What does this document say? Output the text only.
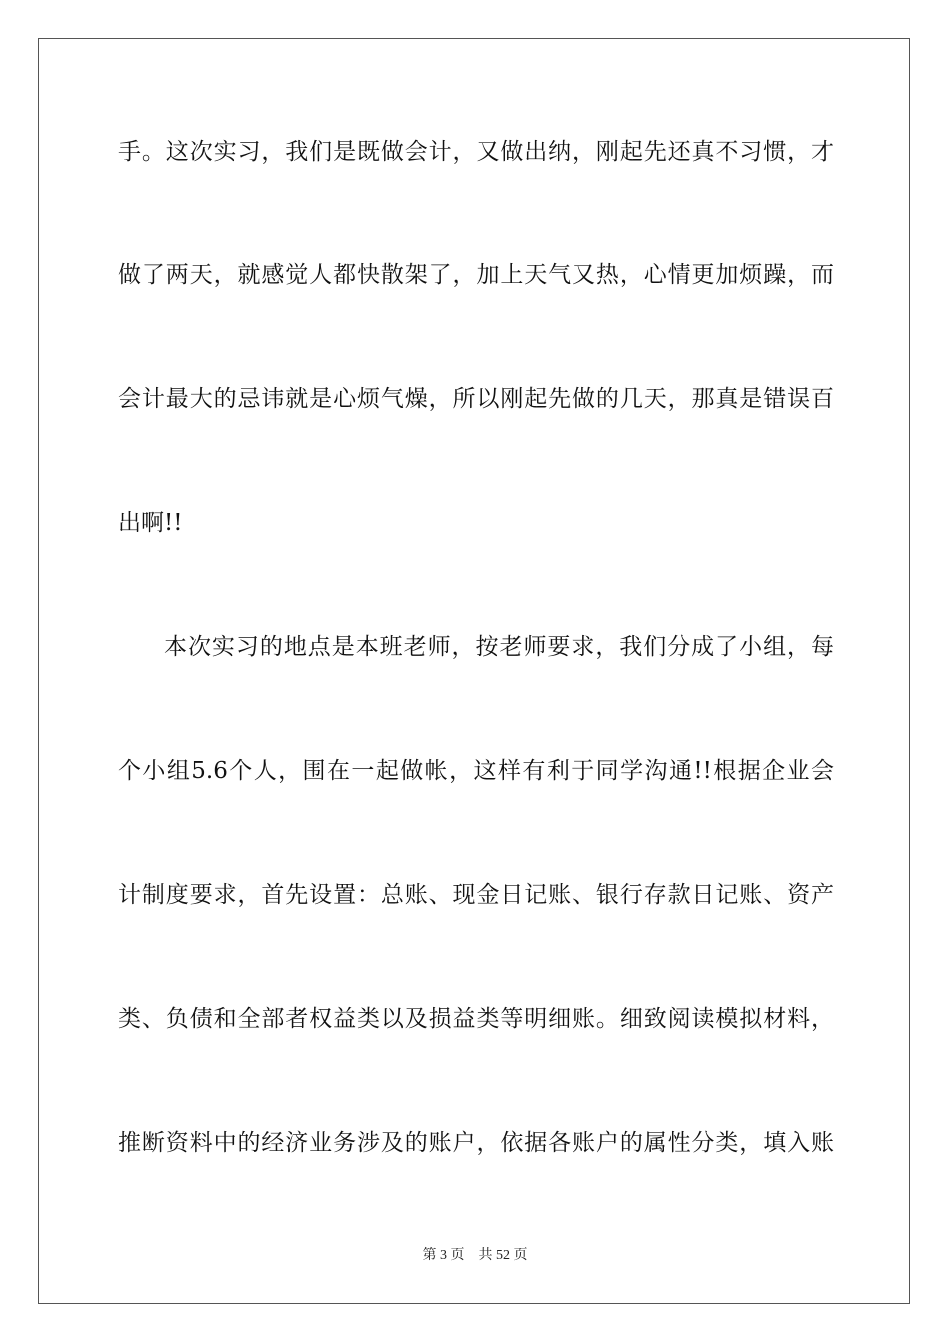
手。这次实习，我们是既做会计，又做出纳，刚起先还真不习惯，才
做了两天，就感觉人都快散架了，加上天气又热，心情更加烦躁，而
会计最大的忌讳就是心烦气燥，所以刚起先做的几天，那真是错误百
出啊!!
本次实习的地点是本班老师，按老师要求，我们分成了小组，每
个小组5.6个人，围在一起做帐，这样有利于同学沟通!!根据企业会
计制度要求，首先设置：总账、现金日记账、银行存款日记账、资产
类、负债和全部者权益类以及损益类等明细账。细致阅读模拟材料，
推断资料中的经济业务涉及的账户，依据各账户的属性分类，填入账
第 3 页 共 52 页
